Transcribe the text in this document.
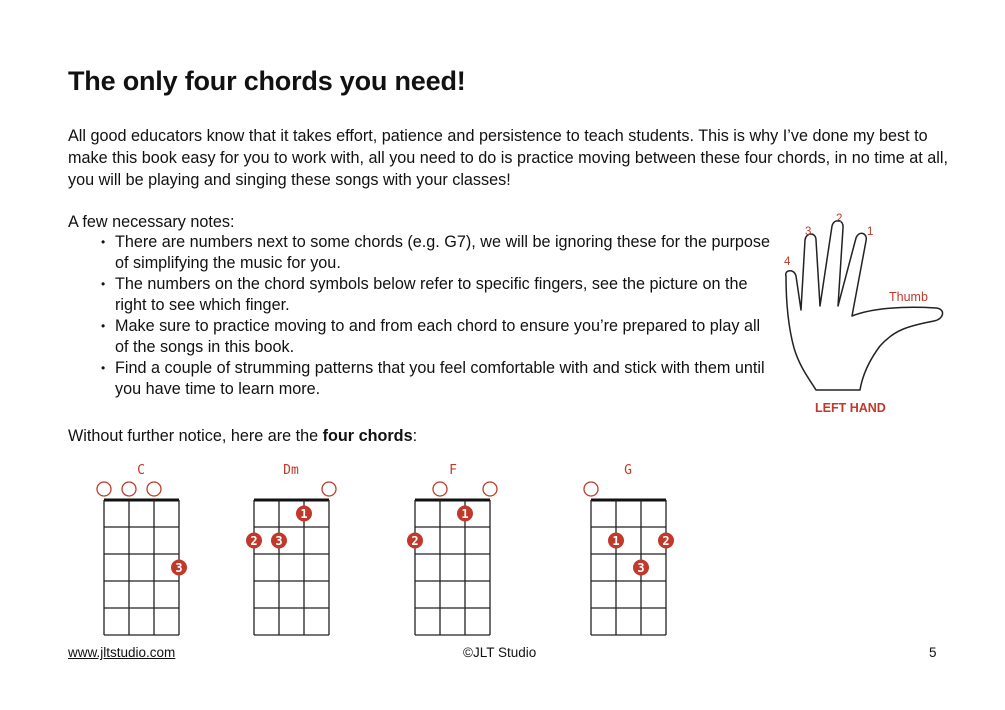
The only four chords you need!

All good educators know that it takes effort, patience and persistence to teach students. This is why I’ve done my best to make this book easy for you to work with, all you need to do is practice moving between these four chords, in no time at all, you will be playing and singing these songs with your classes!

A few necessary notes:

• There are numbers next to some chords (e.g. G7), we will be ignoring these for the purpose of simplifying the music for you.
• The numbers on the chord symbols below refer to specific fingers, see the picture on the right to see which finger.
• Make sure to practice moving to and from each chord to ensure you’re prepared to play all of the songs in this book.
• Find a couple of strumming patterns that you feel comfortable with and stick with them until you have time to learn more.

Without further notice, here are the four chords:

3
2
1
4
Thumb
LEFT HAND
C	Dm	F	G
3
1
2 3
1
2	1	2
3
www.jltstudio.com	©JLT Studio	5
